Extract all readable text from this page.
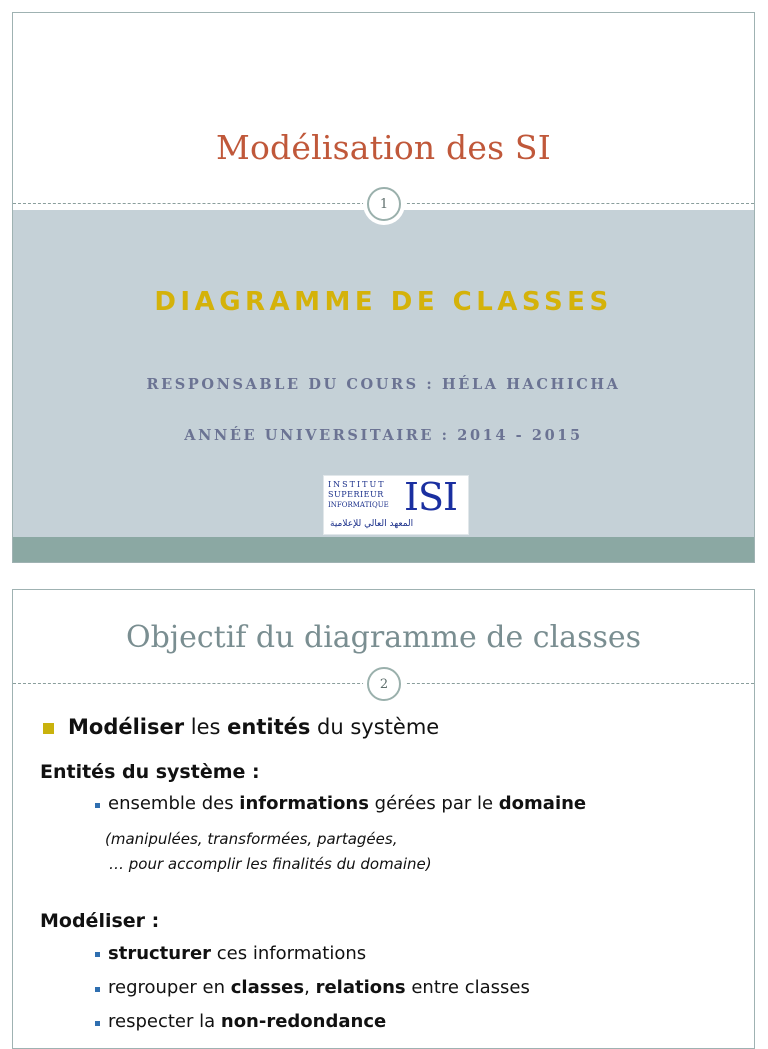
Modélisation des SI
1
DIAGRAMME DE CLASSES
RESPONSABLE DU COURS : HÉLA HACHICHA
ANNÉE UNIVERSITAIRE : 2014 - 2015
INSTITUT
SUPERIEUR
INFORMATIQUE ISI
المعهد العالي للإعلامية
Objectif du diagramme de classes
2
Modéliser les entités du système
Entités du système :
ensemble des informations gérées par le domaine
(manipulées, transformées, partagées,
… pour accomplir les finalités du domaine)
Modéliser :
structurer ces informations
regrouper en classes, relations entre classes
respecter la non-redondance
